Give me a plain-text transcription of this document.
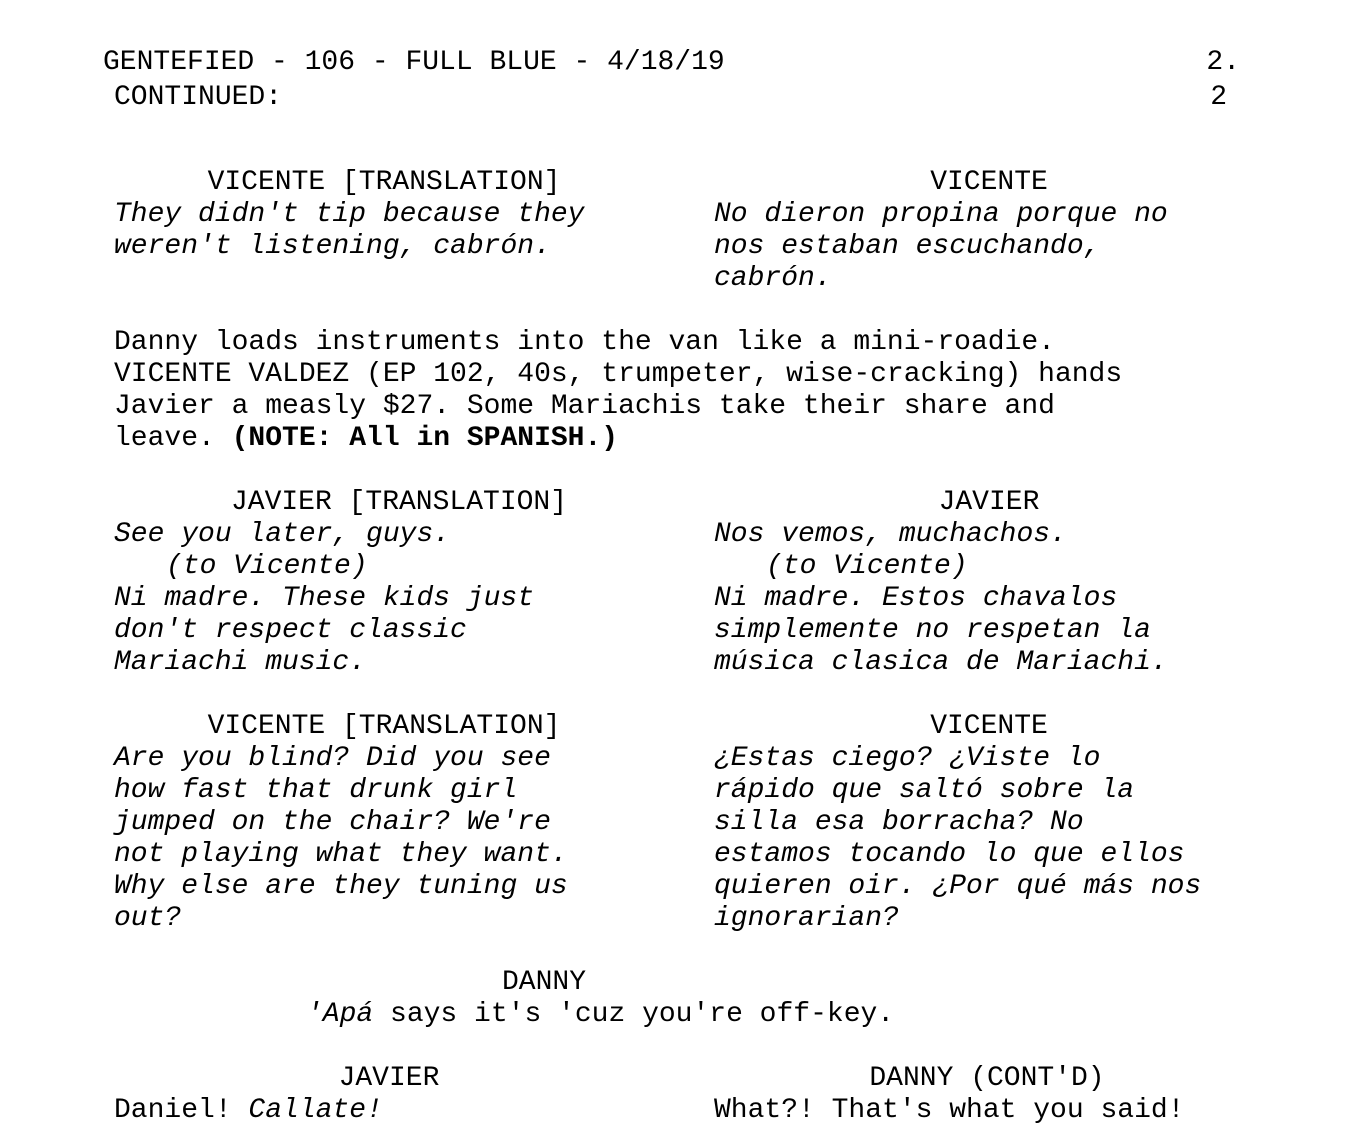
GENTEFIED - 106 - FULL BLUE - 4/18/19	2.
CONTINUED:	2
VICENTE [TRANSLATION]
They didn't tip because they
weren't listening, cabrón.
VICENTE
No dieron propina porque no
nos estaban escuchando,
cabrón.
Danny loads instruments into the van like a mini-roadie.
VICENTE VALDEZ (EP 102, 40s, trumpeter, wise-cracking) hands
Javier a measly $27. Some Mariachis take their share and
leave. (NOTE: All in SPANISH.)
JAVIER [TRANSLATION]
See you later, guys.
(to Vicente)
Ni madre. These kids just
don't respect classic
Mariachi music.
JAVIER
Nos vemos, muchachos.
(to Vicente)
Ni madre. Estos chavalos
simplemente no respetan la
música clasica de Mariachi.
VICENTE [TRANSLATION]
Are you blind? Did you see
how fast that drunk girl
jumped on the chair? We're
not playing what they want.
Why else are they tuning us
out?
VICENTE
¿Estas ciego? ¿Viste lo
rápido que saltó sobre la
silla esa borracha? No
estamos tocando lo que ellos
quieren oir. ¿Por qué más nos
ignorarian?
DANNY
'Apá says it's 'cuz you're off-key.
JAVIER
Daniel! Callate!
DANNY (CONT'D)
What?! That's what you said!
